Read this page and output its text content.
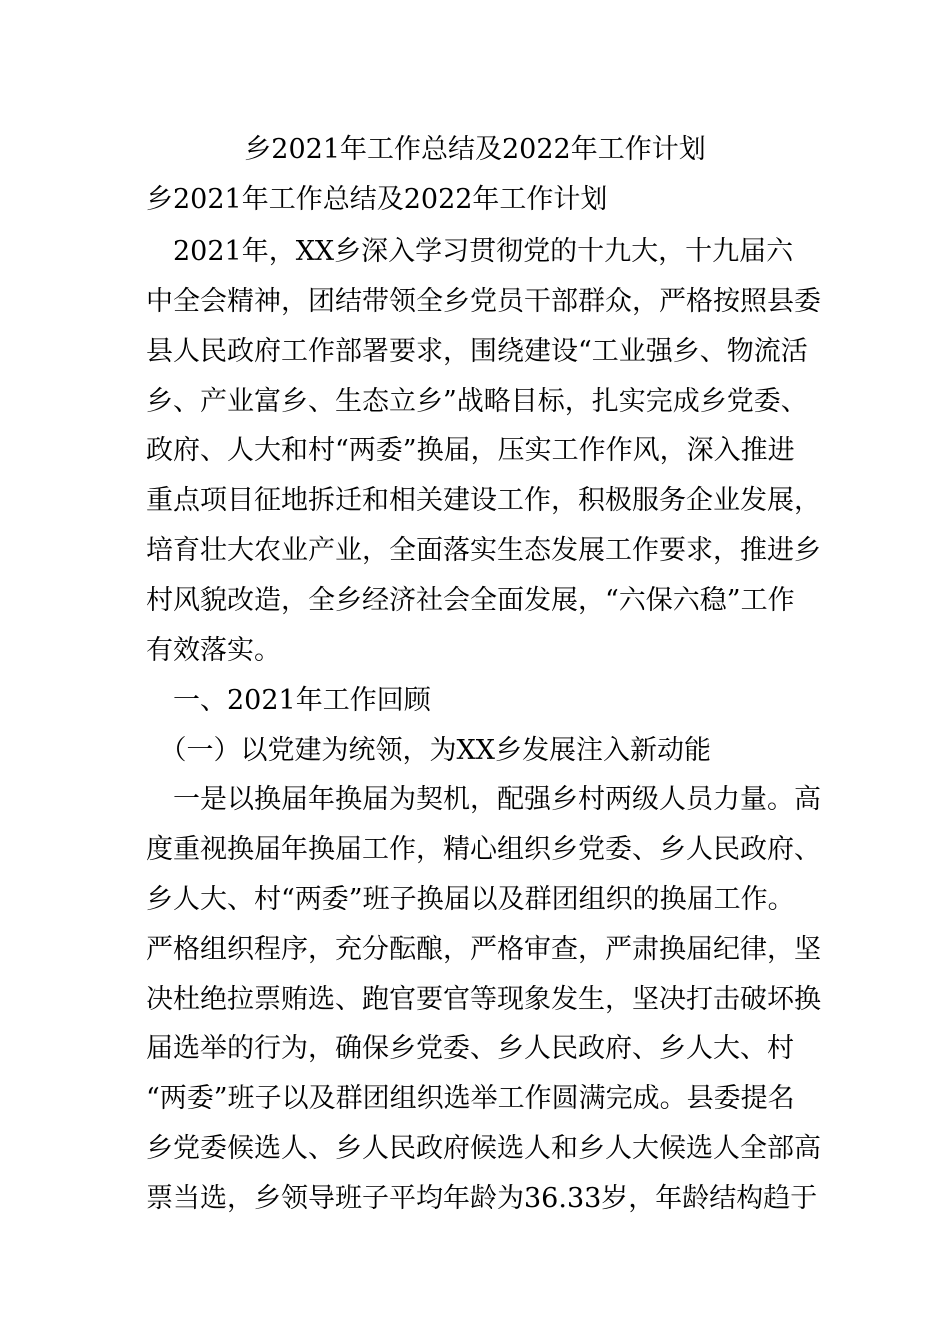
乡2021年工作总结及2022年工作计划
乡2021年工作总结及2022年工作计划
　2021年，XX乡深入学习贯彻党的十九大，十九届六
中全会精神，团结带领全乡党员干部群众，严格按照县委
县人民政府工作部署要求，围绕建设“工业强乡、物流活
乡、产业富乡、生态立乡”战略目标，扎实完成乡党委、
政府、人大和村“两委”换届，压实工作作风，深入推进
重点项目征地拆迁和相关建设工作，积极服务企业发展，
培育壮大农业产业，全面落实生态发展工作要求，推进乡
村风貌改造，全乡经济社会全面发展，“六保六稳”工作
有效落实。
　一、2021年工作回顾
　（一）以党建为统领，为XX乡发展注入新动能
　一是以换届年换届为契机，配强乡村两级人员力量。高
度重视换届年换届工作，精心组织乡党委、乡人民政府、
乡人大、村“两委”班子换届以及群团组织的换届工作。
严格组织程序，充分酝酿，严格审查，严肃换届纪律，坚
决杜绝拉票贿选、跑官要官等现象发生，坚决打击破坏换
届选举的行为，确保乡党委、乡人民政府、乡人大、村
“两委”班子以及群团组织选举工作圆满完成。县委提名
乡党委候选人、乡人民政府候选人和乡人大候选人全部高
票当选，乡领导班子平均年龄为36.33岁，年龄结构趋于
